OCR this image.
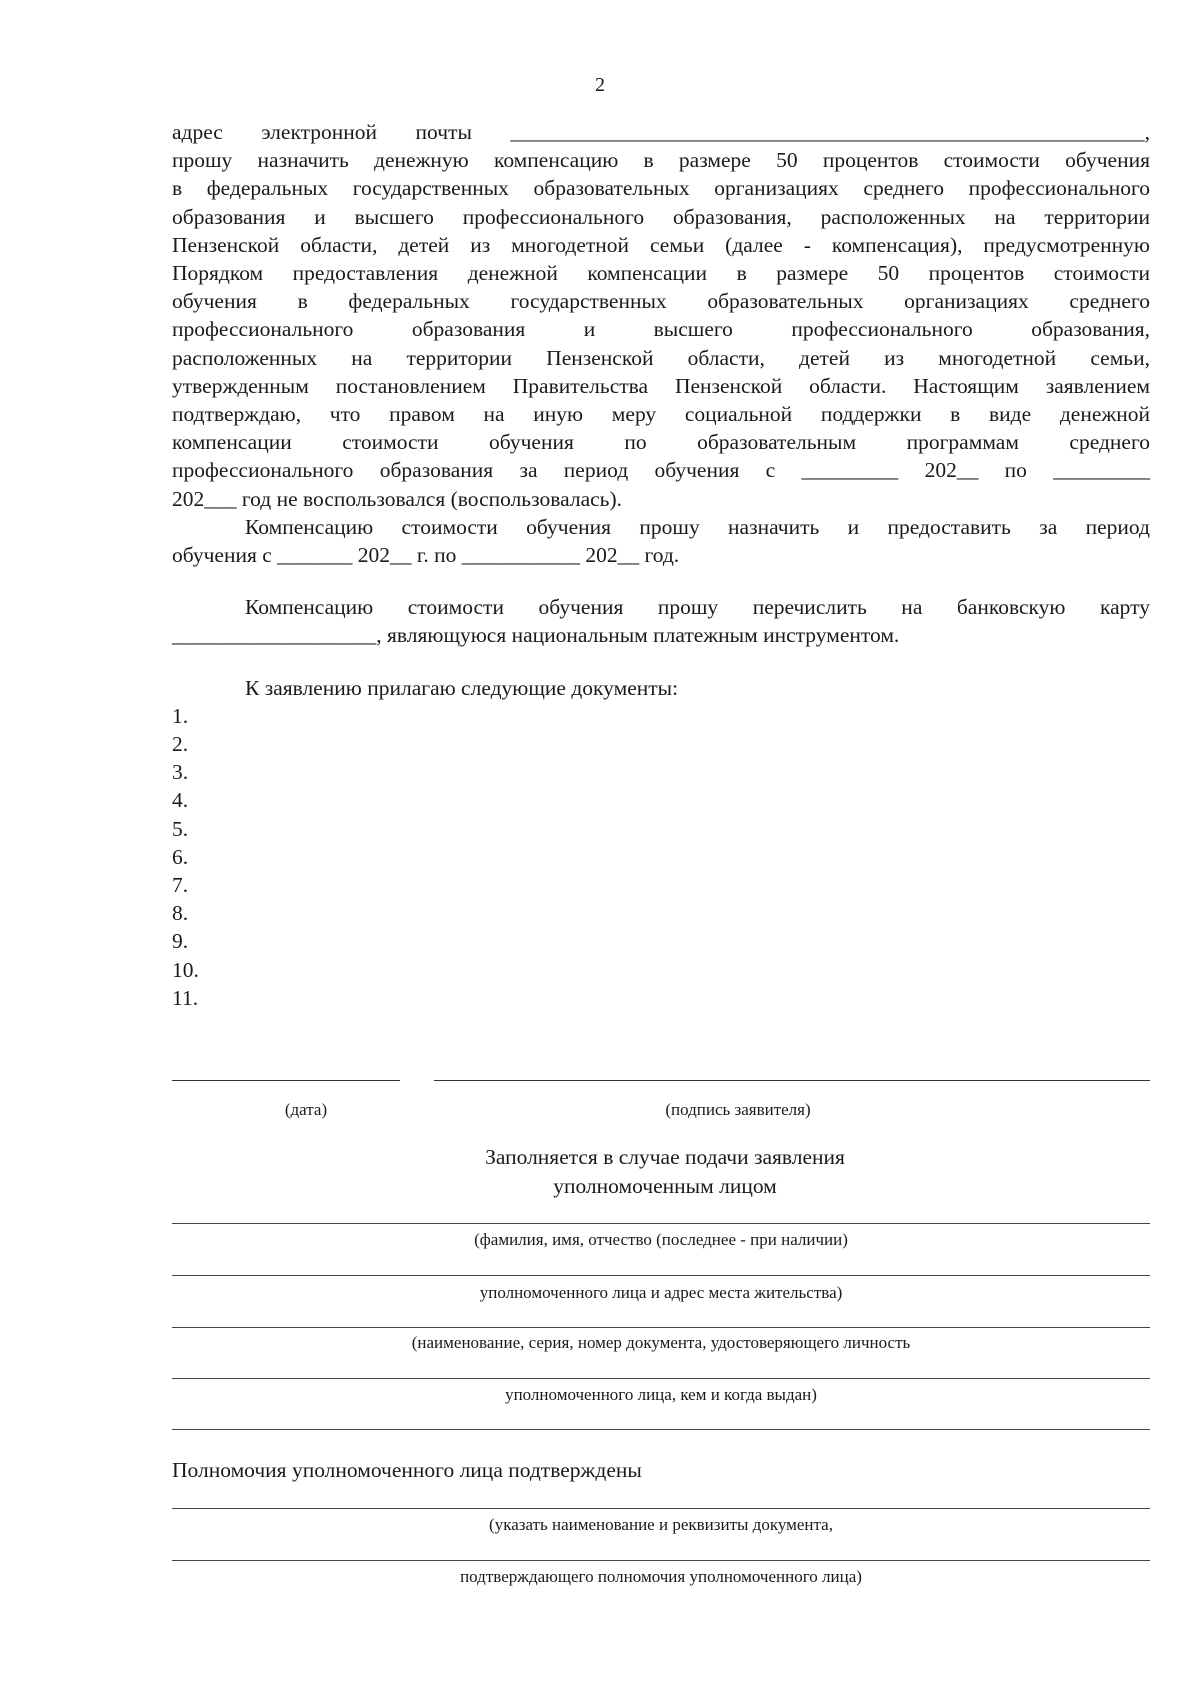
2
адрес электронной почты ___________________________________________________________,
прошу назначить денежную компенсацию в размере 50 процентов стоимости обучения
в федеральных государственных образовательных организациях среднего профессионального
образования и высшего профессионального образования, расположенных на территории
Пензенской области, детей из многодетной семьи (далее - компенсация), предусмотренную
Порядком предоставления денежной компенсации в размере 50 процентов стоимости
обучения в федеральных государственных образовательных организациях среднего
профессионального образования и высшего профессионального образования,
расположенных на территории Пензенской области, детей из многодетной семьи,
утвержденным постановлением Правительства Пензенской области. Настоящим заявлением
подтверждаю, что правом на иную меру социальной поддержки в виде денежной
компенсации стоимости обучения по образовательным программам среднего
профессионального образования за период обучения с _________ 202__ по _________
202___ год не воспользовался (воспользовалась).
Компенсацию стоимости обучения прошу назначить и предоставить за период
обучения с _______ 202__ г. по ___________ 202__ год.
Компенсацию стоимости обучения прошу перечислить на банковскую карту
___________________, являющуюся национальным платежным инструментом.
К заявлению прилагаю следующие документы:
1.
2.
3.
4.
5.
6.
7.
8.
9.
10.
11.
(дата)	(подпись заявителя)
Заполняется в случае подачи заявления
уполномоченным лицом
(фамилия, имя, отчество (последнее - при наличии)
уполномоченного лица и адрес места жительства)
(наименование, серия, номер документа, удостоверяющего личность
уполномоченного лица, кем и когда выдан)
Полномочия уполномоченного лица подтверждены
(указать наименование и реквизиты документа,
подтверждающего полномочия уполномоченного лица)
